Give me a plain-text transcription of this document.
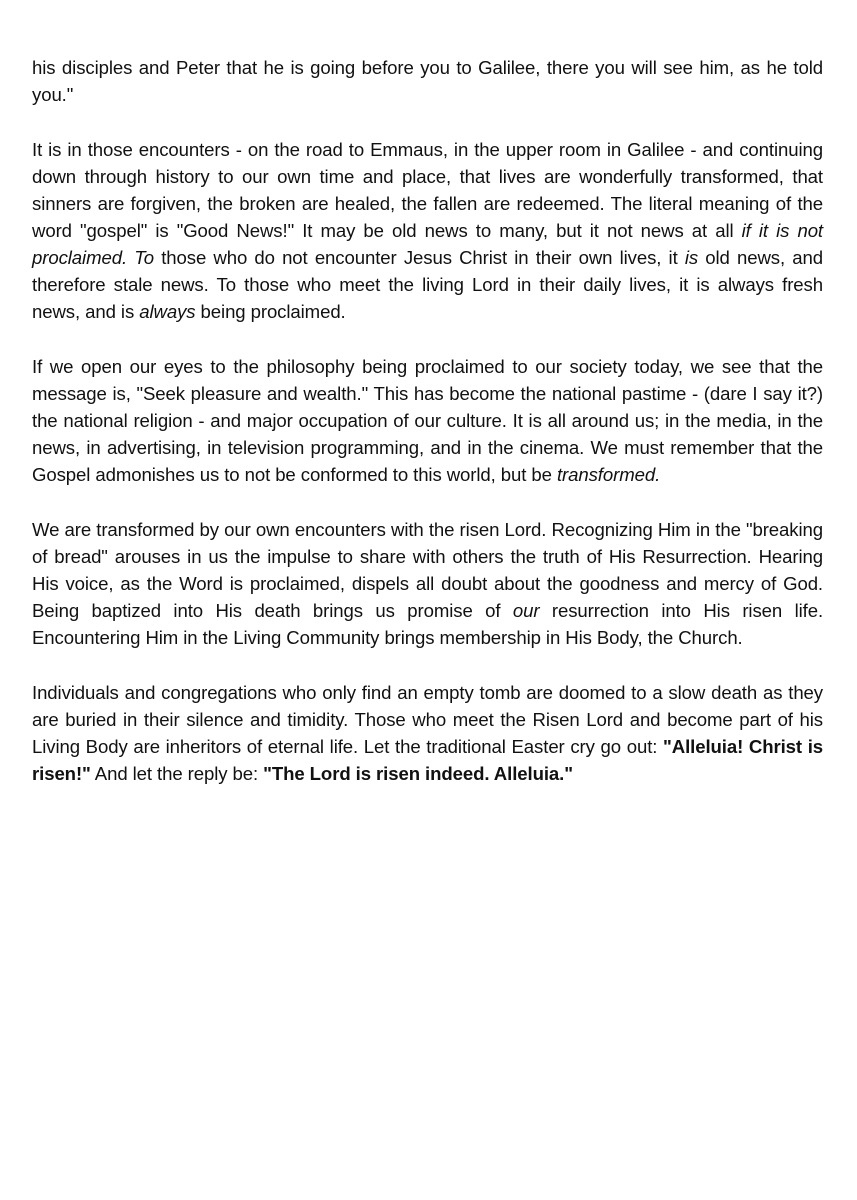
his disciples and Peter that he is going before you to Galilee, there you will see him, as he told you."

It is in those encounters - on the road to Emmaus, in the upper room in Galilee - and continuing down through history to our own time and place, that lives are wonderfully transformed, that sinners are forgiven, the broken are healed, the fallen are redeemed. The literal meaning of the word "gospel" is "Good News!" It may be old news to many, but it not news at all if it is not proclaimed. To those who do not encounter Jesus Christ in their own lives, it is old news, and therefore stale news. To those who meet the living Lord in their daily lives, it is always fresh news, and is always being proclaimed.

If we open our eyes to the philosophy being proclaimed to our society today, we see that the message is, "Seek pleasure and wealth." This has become the national pastime - (dare I say it?) the national religion - and major occupation of our culture. It is all around us; in the media, in the news, in advertising, in television programming, and in the cinema. We must remember that the Gospel admonishes us to not be conformed to this world, but be transformed.

We are transformed by our own encounters with the risen Lord. Recognizing Him in the "breaking of bread" arouses in us the impulse to share with others the truth of His Resurrection. Hearing His voice, as the Word is proclaimed, dispels all doubt about the goodness and mercy of God. Being baptized into His death brings us promise of our resurrection into His risen life. Encountering Him in the Living Community brings membership in His Body, the Church.

Individuals and congregations who only find an empty tomb are doomed to a slow death as they are buried in their silence and timidity. Those who meet the Risen Lord and become part of his Living Body are inheritors of eternal life. Let the traditional Easter cry go out: "Alleluia! Christ is risen!" And let the reply be: "The Lord is risen indeed. Alleluia."
